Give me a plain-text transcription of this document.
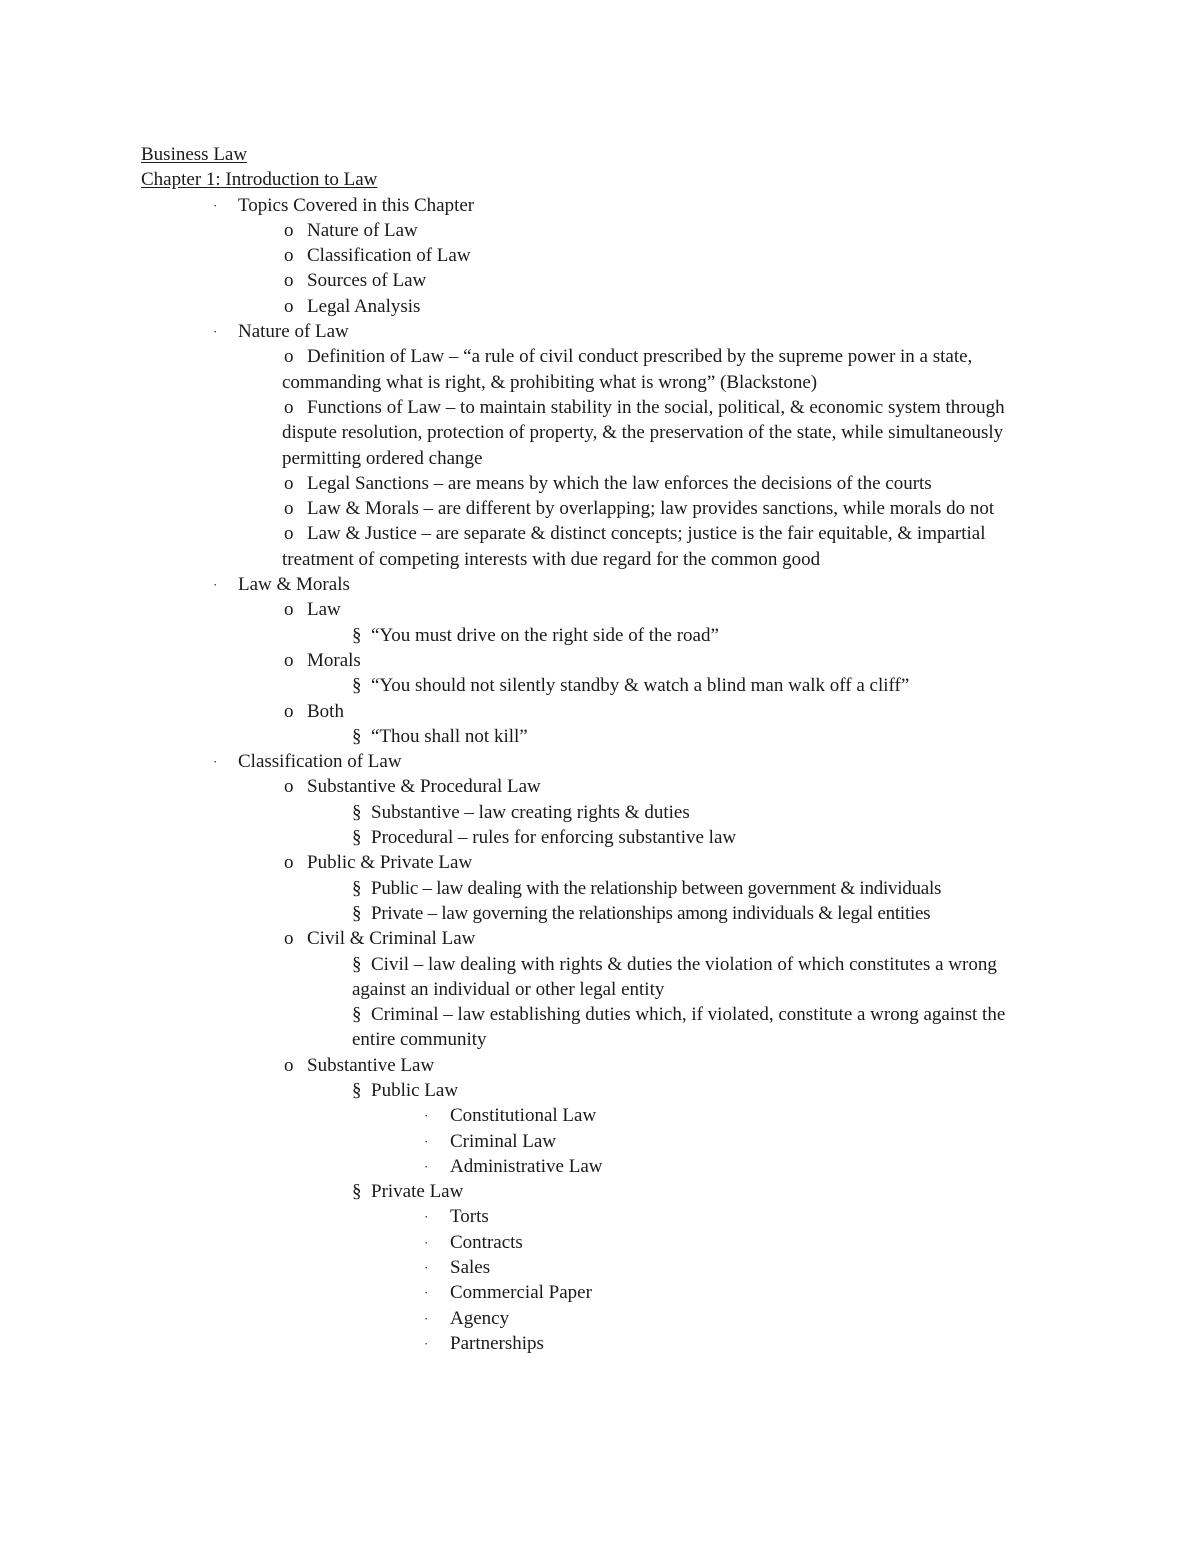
Business Law
Chapter 1: Introduction to Law
· Topics Covered in this Chapter
o Nature of Law
o Classification of Law
o Sources of Law
o Legal Analysis
· Nature of Law
o Definition of Law – “a rule of civil conduct prescribed by the supreme power in a state, commanding what is right, & prohibiting what is wrong” (Blackstone)
o Functions of Law – to maintain stability in the social, political, & economic system through dispute resolution, protection of property, & the preservation of the state, while simultaneously permitting ordered change
o Legal Sanctions – are means by which the law enforces the decisions of the courts
o Law & Morals – are different by overlapping; law provides sanctions, while morals do not
o Law & Justice – are separate & distinct concepts; justice is the fair equitable, & impartial treatment of competing interests with due regard for the common good
· Law & Morals
o Law
§ “You must drive on the right side of the road”
o Morals
§ “You should not silently standby & watch a blind man walk off a cliff”
o Both
§ “Thou shall not kill”
· Classification of Law
o Substantive & Procedural Law
§ Substantive – law creating rights & duties
§ Procedural – rules for enforcing substantive law
o Public & Private Law
§ Public – law dealing with the relationship between government & individuals
§ Private – law governing the relationships among individuals & legal entities
o Civil & Criminal Law
§ Civil – law dealing with rights & duties the violation of which constitutes a wrong against an individual or other legal entity
§ Criminal – law establishing duties which, if violated, constitute a wrong against the entire community
o Substantive Law
§ Public Law
· Constitutional Law
· Criminal Law
· Administrative Law
§ Private Law
· Torts
· Contracts
· Sales
· Commercial Paper
· Agency
· Partnerships
